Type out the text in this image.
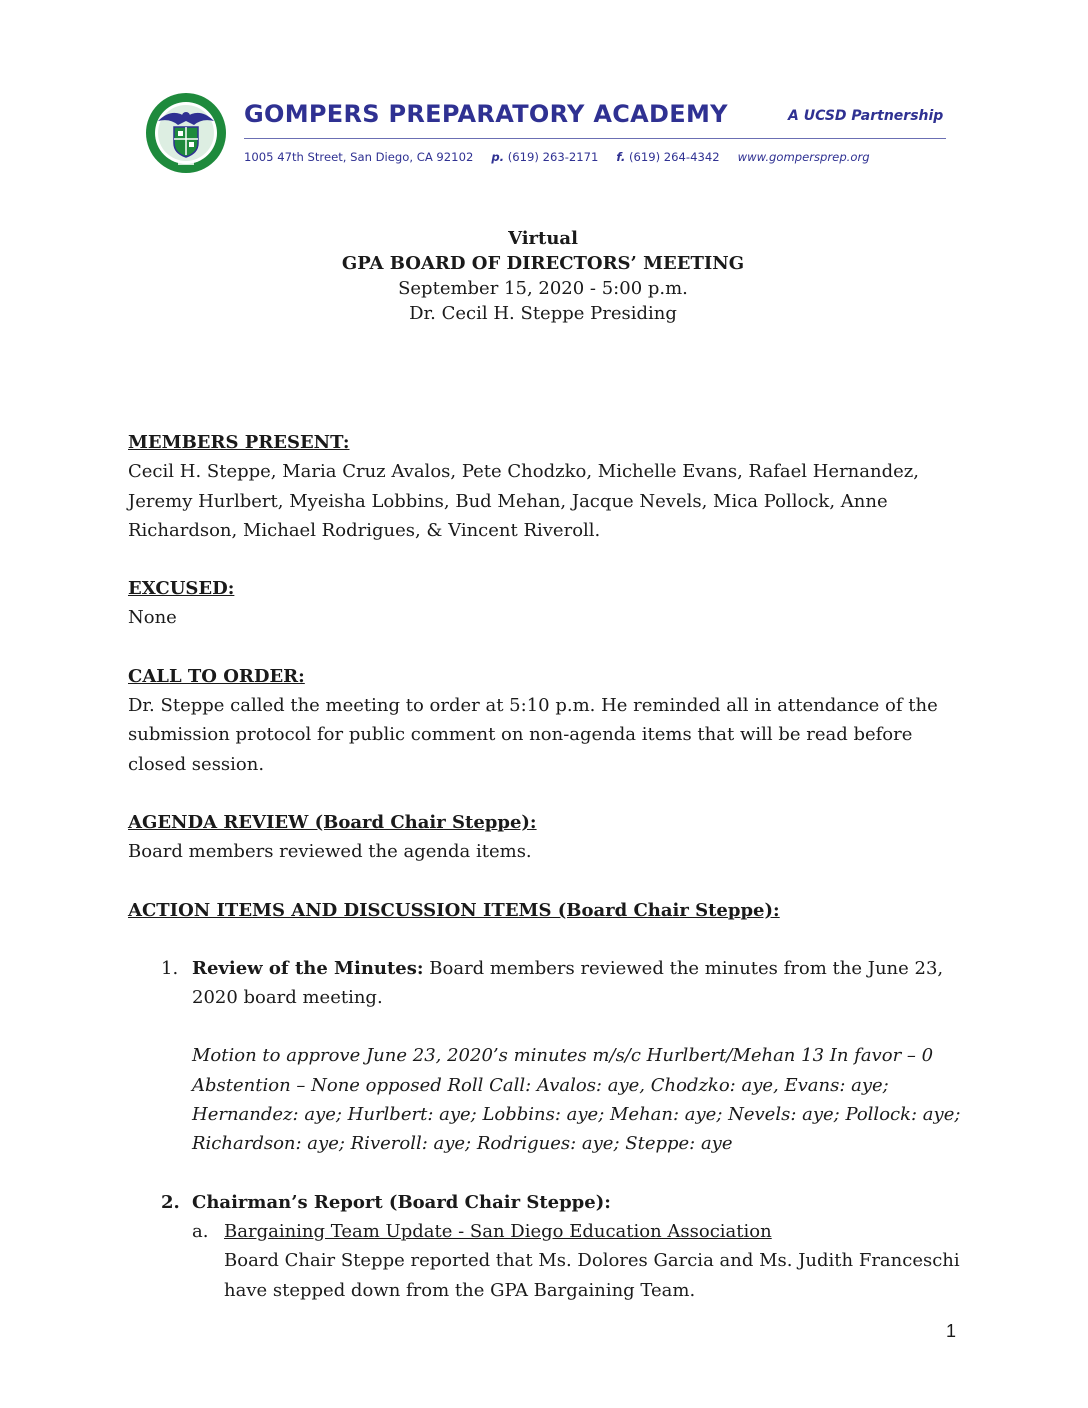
GOMPERS PREPARATORY ACADEMY	A UCSD Partnership
1005 47th Street, San Diego, CA 92102 p. (619) 263-2171 f. (619) 264-4342 www.gompersprep.org
Virtual
GPA BOARD OF DIRECTORS’ MEETING
September 15, 2020 - 5:00 p.m.
Dr. Cecil H. Steppe Presiding
MEMBERS PRESENT:

Cecil H. Steppe, Maria Cruz Avalos, Pete Chodzko, Michelle Evans, Rafael Hernandez, Jeremy Hurlbert, Myeisha Lobbins, Bud Mehan, Jacque Nevels, Mica Pollock, Anne Richardson, Michael Rodrigues, & Vincent Riveroll.

EXCUSED:

None

CALL TO ORDER:

Dr. Steppe called the meeting to order at 5:10 p.m. He reminded all in attendance of the submission protocol for public comment on non-agenda items that will be read before closed session.

AGENDA REVIEW (Board Chair Steppe):

Board members reviewed the agenda items.

ACTION ITEMS AND DISCUSSION ITEMS (Board Chair Steppe):
1. Review of the Minutes: Board members reviewed the minutes from the June 23, 2020 board meeting.

Motion to approve June 23, 2020’s minutes m/s/c Hurlbert/Mehan 13 In favor – 0 Abstention – None opposed Roll Call: Avalos: aye, Chodzko: aye, Evans: aye; Hernandez: aye; Hurlbert: aye; Lobbins: aye; Mehan: aye; Nevels: aye; Pollock: aye; Richardson: aye; Riveroll: aye; Rodrigues: aye; Steppe: aye

2. Chairman’s Report (Board Chair Steppe):

a. Bargaining Team Update - San Diego Education Association

Board Chair Steppe reported that Ms. Dolores Garcia and Ms. Judith Franceschi have stepped down from the GPA Bargaining Team.

1
